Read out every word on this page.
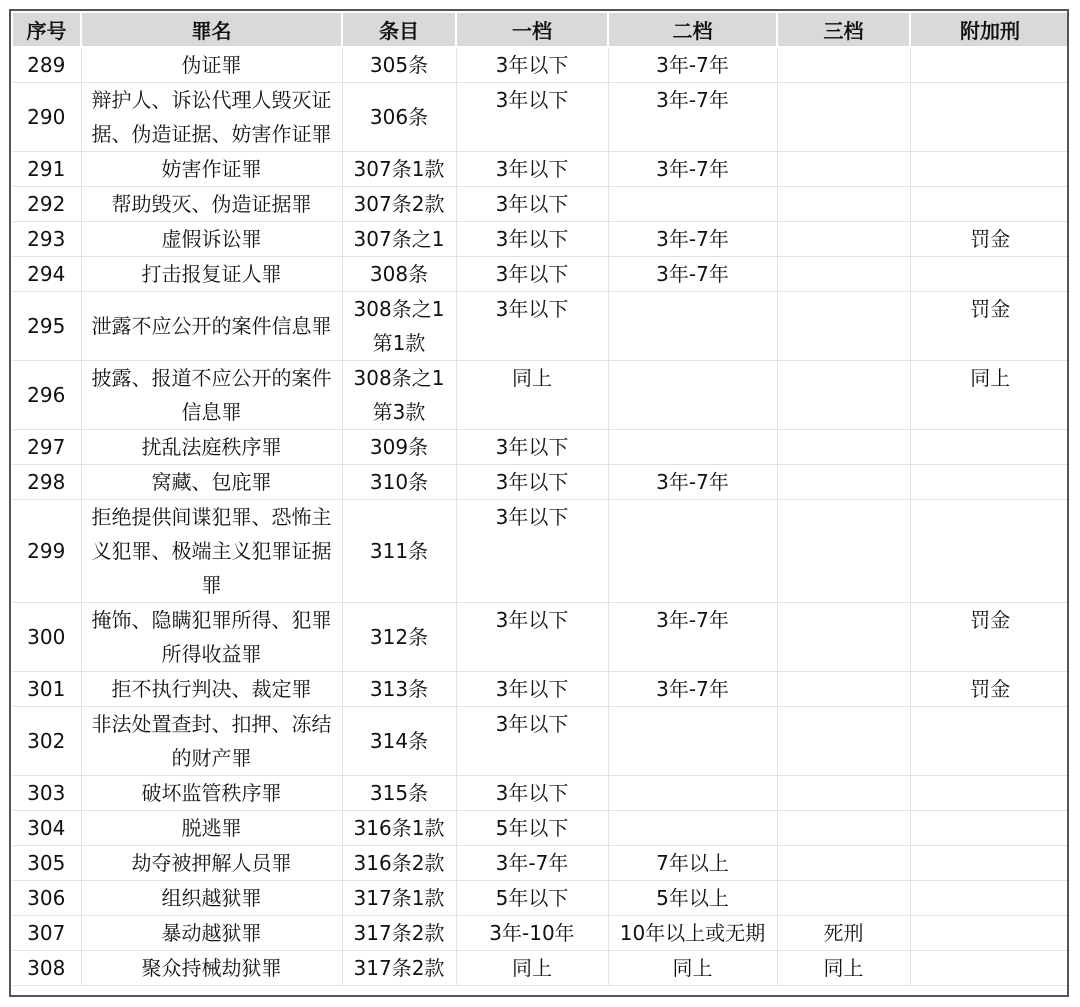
序号	罪名	条目	一档	二档	三档	附加刑
289	伪证罪	305条	3年以下	3年-7年		
290	辩护人、诉讼代理人毁灭证据、伪造证据、妨害作证罪	306条	3年以下	3年-7年		
291	妨害作证罪	307条1款	3年以下	3年-7年		
292	帮助毁灭、伪造证据罪	307条2款	3年以下			
293	虚假诉讼罪	307条之1	3年以下	3年-7年		罚金
294	打击报复证人罪	308条	3年以下	3年-7年		
295	泄露不应公开的案件信息罪	308条之1第1款	3年以下			罚金
296	披露、报道不应公开的案件信息罪	308条之1第3款	同上			同上
297	扰乱法庭秩序罪	309条	3年以下			
298	窝藏、包庇罪	310条	3年以下	3年-7年		
299	拒绝提供间谍犯罪、恐怖主义犯罪、极端主义犯罪证据罪	311条	3年以下			
300	掩饰、隐瞒犯罪所得、犯罪所得收益罪	312条	3年以下	3年-7年		罚金
301	拒不执行判决、裁定罪	313条	3年以下	3年-7年		罚金
302	非法处置查封、扣押、冻结的财产罪	314条	3年以下			
303	破坏监管秩序罪	315条	3年以下			
304	脱逃罪	316条1款	5年以下			
305	劫夺被押解人员罪	316条2款	3年-7年	7年以上		
306	组织越狱罪	317条1款	5年以下	5年以上		
307	暴动越狱罪	317条2款	3年-10年	10年以上或无期	死刑	
308	聚众持械劫狱罪	317条2款	同上	同上	同上	
